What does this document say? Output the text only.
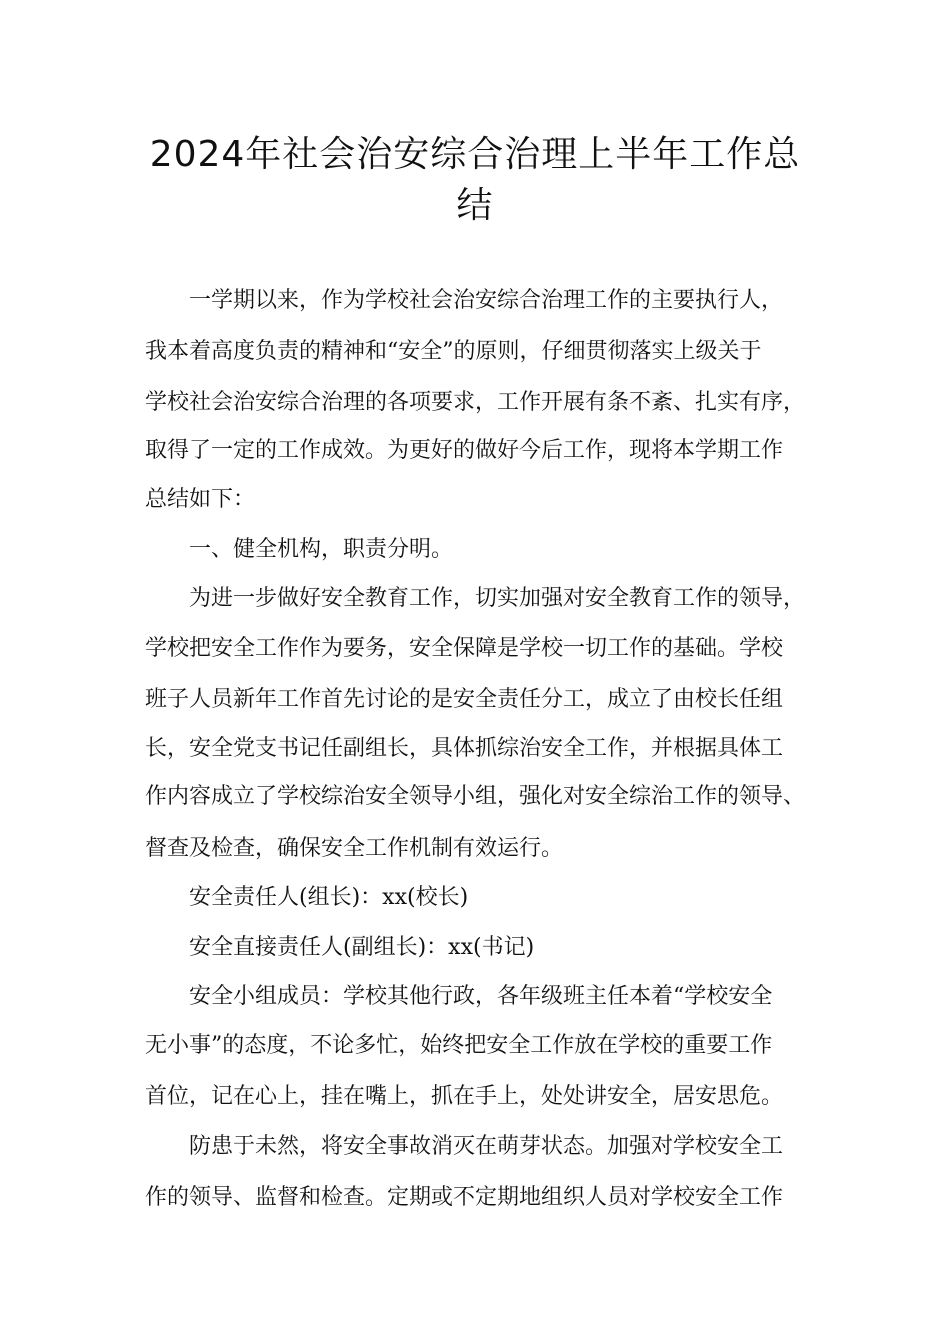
2024年社会治安综合治理上半年工作总
结
一学期以来，作为学校社会治安综合治理工作的主要执行人，
我本着高度负责的精神和“安全”的原则，仔细贯彻落实上级关于
学校社会治安综合治理的各项要求，工作开展有条不紊、扎实有序，
取得了一定的工作成效。为更好的做好今后工作，现将本学期工作
总结如下：
一、健全机构，职责分明。
为进一步做好安全教育工作，切实加强对安全教育工作的领导，
学校把安全工作作为要务，安全保障是学校一切工作的基础。学校
班子人员新年工作首先讨论的是安全责任分工，成立了由校长任组
长，安全党支书记任副组长，具体抓综治安全工作，并根据具体工
作内容成立了学校综治安全领导小组，强化对安全综治工作的领导、
督查及检查，确保安全工作机制有效运行。
安全责任人(组长)：xx(校长)
安全直接责任人(副组长)：xx(书记)
安全小组成员：学校其他行政，各年级班主任本着“学校安全
无小事”的态度，不论多忙，始终把安全工作放在学校的重要工作
首位，记在心上，挂在嘴上，抓在手上，处处讲安全，居安思危。
防患于未然，将安全事故消灭在萌芽状态。加强对学校安全工
作的领导、监督和检查。定期或不定期地组织人员对学校安全工作
